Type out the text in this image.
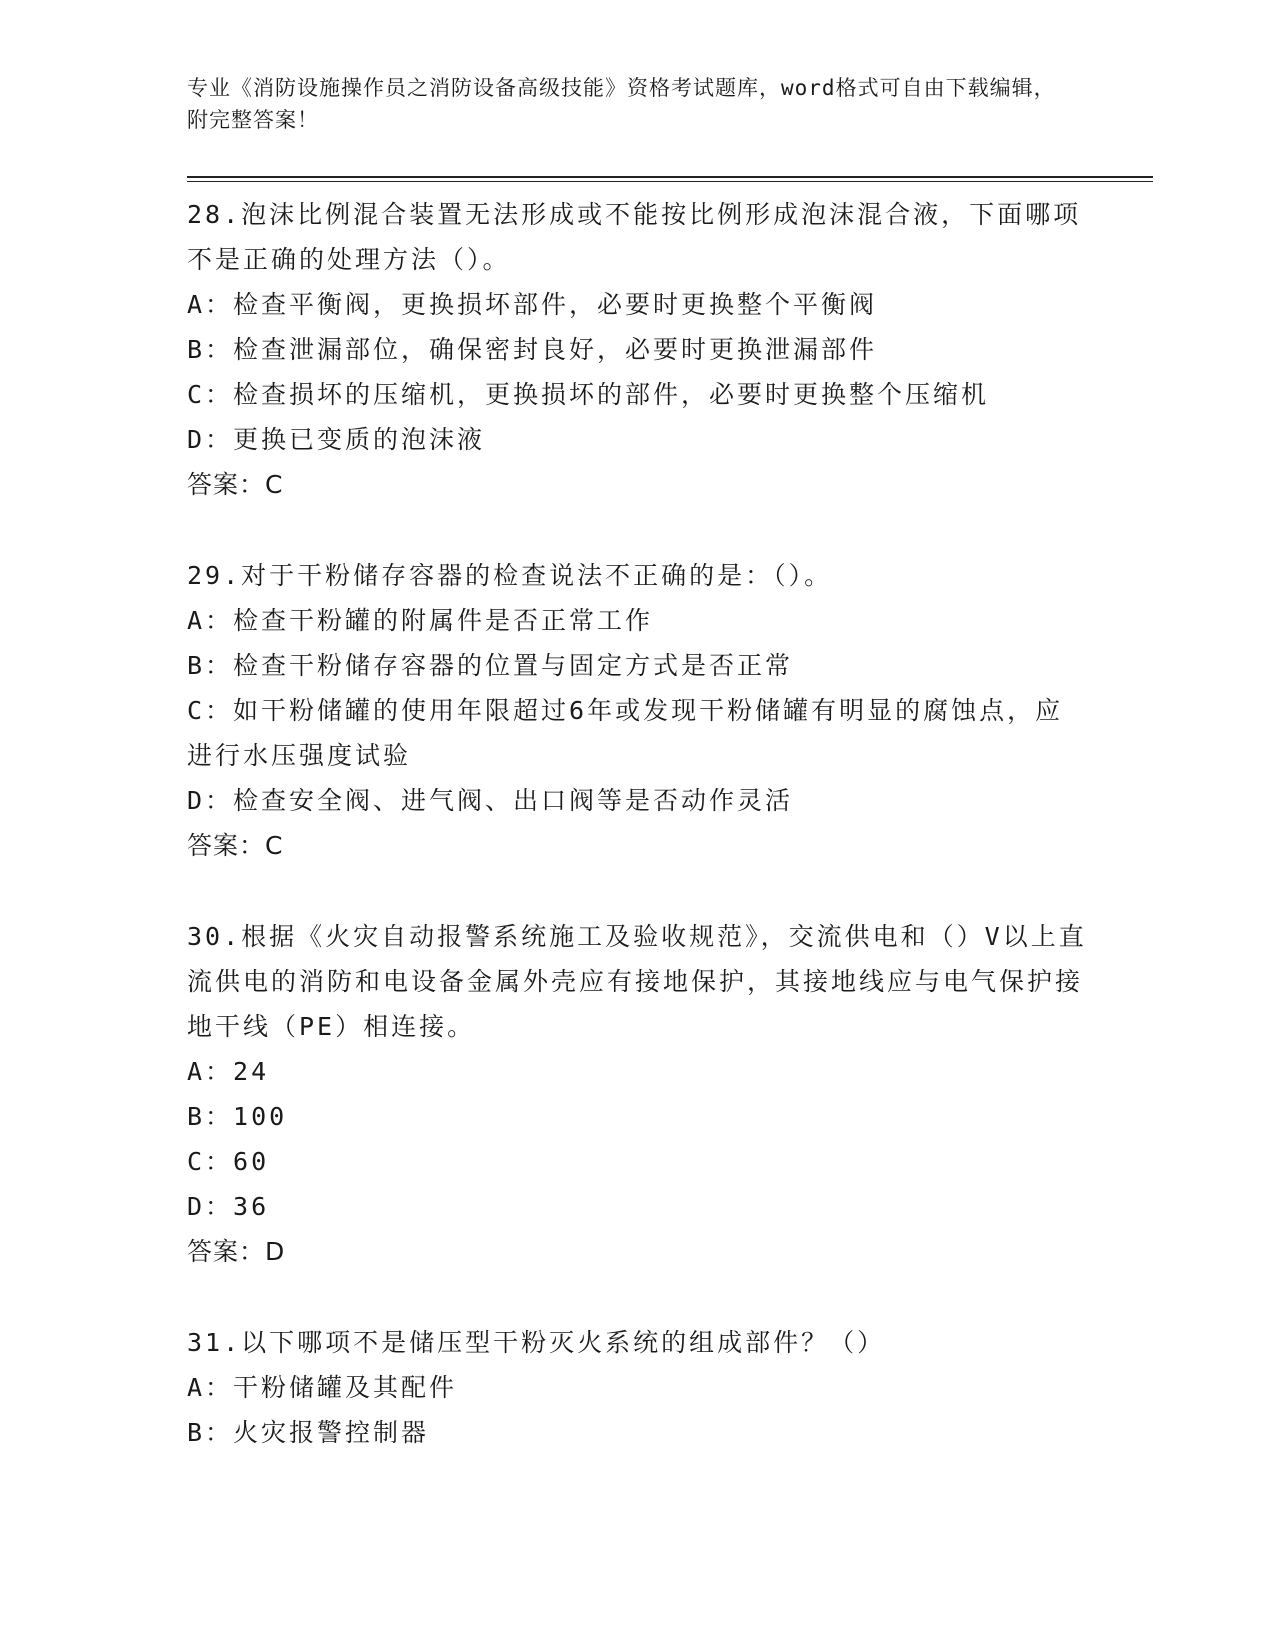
专业《消防设施操作员之消防设备高级技能》资格考试题库，word格式可自由下载编辑，附完整答案！

28.泡沫比例混合装置无法形成或不能按比例形成泡沫混合液，下面哪项不是正确的处理方法（）。

A：检查平衡阀，更换损坏部件，必要时更换整个平衡阀

B：检查泄漏部位，确保密封良好，必要时更换泄漏部件

C：检查损坏的压缩机，更换损坏的部件，必要时更换整个压缩机

D：更换已变质的泡沫液

答案：C

29.对于干粉储存容器的检查说法不正确的是：（）。

A：检查干粉罐的附属件是否正常工作

B：检查干粉储存容器的位置与固定方式是否正常

C：如干粉储罐的使用年限超过6年或发现干粉储罐有明显的腐蚀点，应进行水压强度试验

D：检查安全阀、进气阀、出口阀等是否动作灵活

答案：C

30.根据《火灾自动报警系统施工及验收规范》，交流供电和（）V以上直流供电的消防和电设备金属外壳应有接地保护，其接地线应与电气保护接地干线（PE）相连接。

A：24

B：100

C：60

D：36

答案：D

31.以下哪项不是储压型干粉灭火系统的组成部件？（）

A：干粉储罐及其配件

B：火灾报警控制器
